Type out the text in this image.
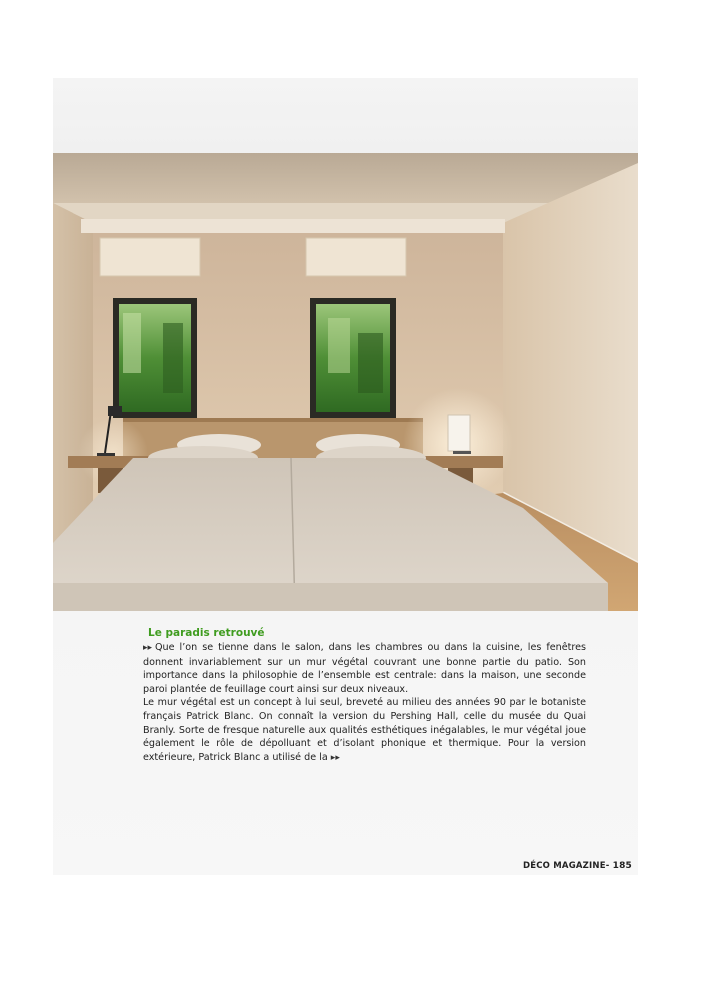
Le paradis retrouvé

▸▸ Que l’on se tienne dans le salon, dans les chambres ou dans la cuisine, les fenêtres donnent invariablement sur un mur végétal couvrant une bonne partie du patio. Son importance dans la philosophie de l’ensemble est centrale: dans la maison, une seconde paroi plantée de feuillage court ainsi sur deux niveaux.

Le mur végétal est un concept à lui seul, breveté au milieu des années 90 par le botaniste français Patrick Blanc. On connaît la version du Pershing Hall, celle du musée du Quai Branly. Sorte de fresque naturelle aux qualités esthétiques inégalables, le mur végétal joue également le rôle de dépolluant et d’isolant phonique et thermique. Pour la version extérieure, Patrick Blanc a utilisé de la ▸▸

DÉCO MAGAZINE- 185
